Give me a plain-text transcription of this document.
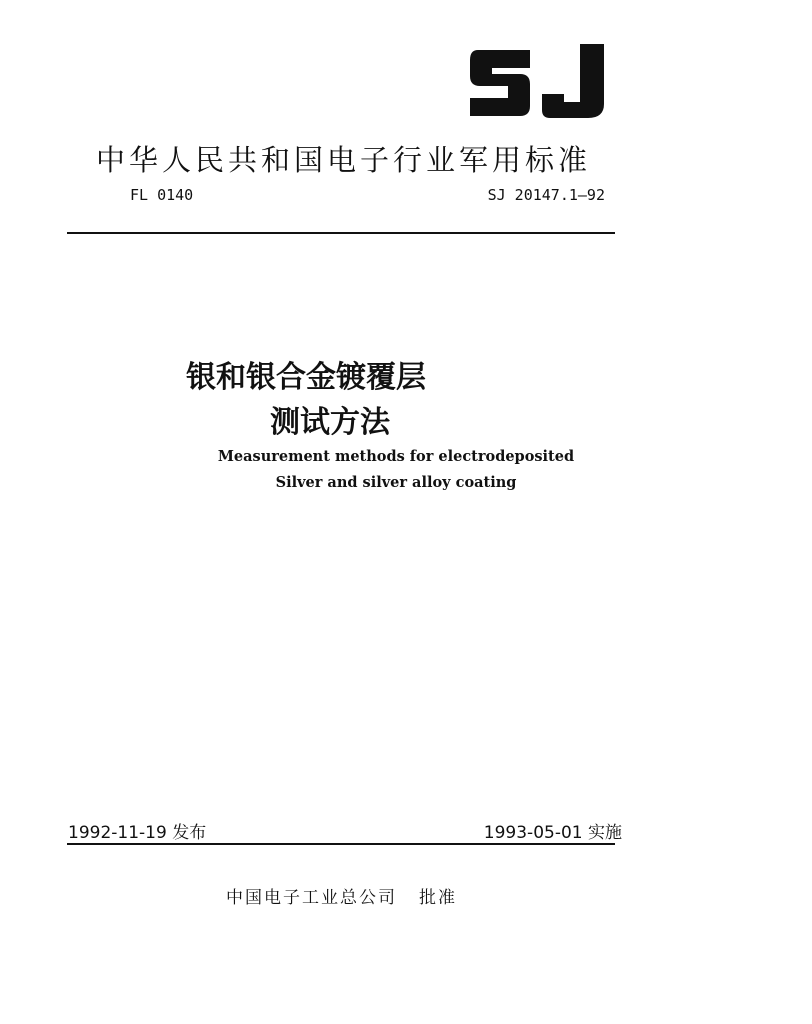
中华人民共和国电子行业军用标准
FL 0140	SJ 20147.1—92
银和银合金镀覆层
测试方法
Measurement methods for electrodeposited
Silver and silver alloy coating
1992-11-19 发布	1993-05-01 实施
中国电子工业总公司 批准
